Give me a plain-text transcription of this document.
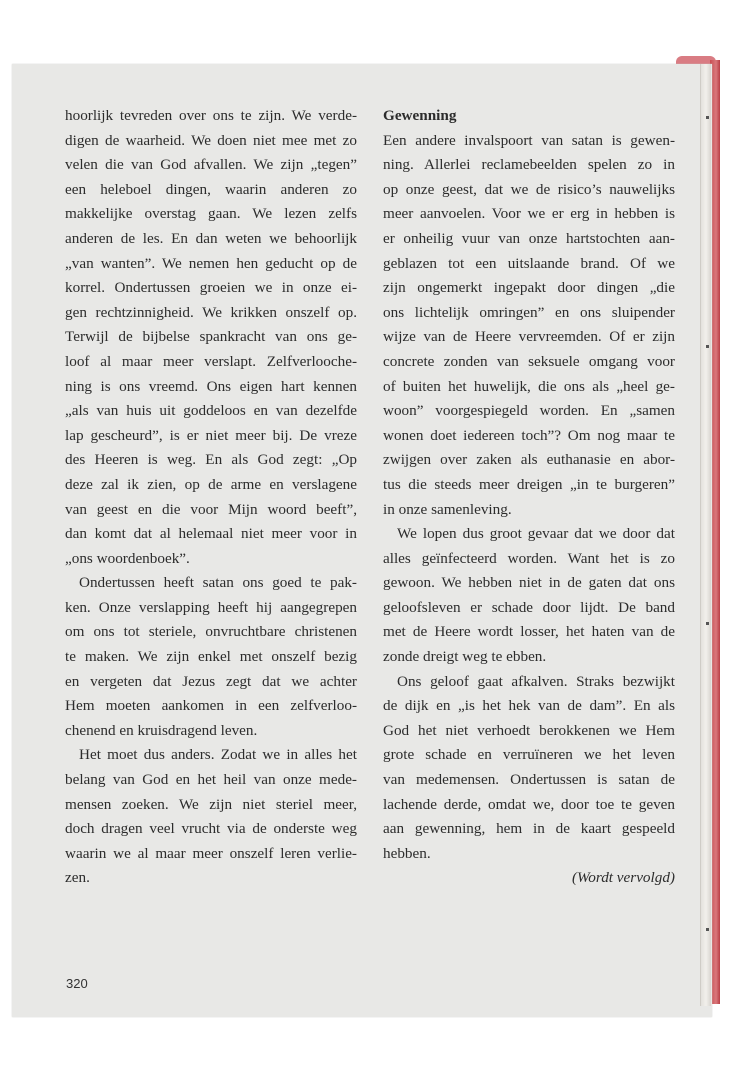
hoorlijk tevreden over ons te zijn. We verde-
digen de waarheid. We doen niet mee met zo
velen die van God afvallen. We zijn „tegen”
een heleboel dingen, waarin anderen zo
makkelijke overstag gaan. We lezen zelfs
anderen de les. En dan weten we behoorlijk
„van wanten”. We nemen hen geducht op de
korrel. Ondertussen groeien we in onze ei-
gen rechtzinnigheid. We krikken onszelf op.
Terwijl de bijbelse spankracht van ons ge-
loof al maar meer verslapt. Zelfverlooche-
ning is ons vreemd. Ons eigen hart kennen
„als van huis uit goddeloos en van dezelfde
lap gescheurd”, is er niet meer bij. De vreze
des Heeren is weg. En als God zegt: „Op
deze zal ik zien, op de arme en verslagene
van geest en die voor Mijn woord beeft”,
dan komt dat al helemaal niet meer voor in
„ons woordenboek”.
Ondertussen heeft satan ons goed te pak-
ken. Onze verslapping heeft hij aangegrepen
om ons tot steriele, onvruchtbare christenen
te maken. We zijn enkel met onszelf bezig
en vergeten dat Jezus zegt dat we achter
Hem moeten aankomen in een zelfverloo-
chenend en kruisdragend leven.
Het moet dus anders. Zodat we in alles het
belang van God en het heil van onze mede-
mensen zoeken. We zijn niet steriel meer,
doch dragen veel vrucht via de onderste weg
waarin we al maar meer onszelf leren verlie-
zen.
Gewenning
Een andere invalspoort van satan is gewen-
ning. Allerlei reclamebeelden spelen zo in
op onze geest, dat we de risico’s nauwelijks
meer aanvoelen. Voor we er erg in hebben is
er onheilig vuur van onze hartstochten aan-
geblazen tot een uitslaande brand. Of we
zijn ongemerkt ingepakt door dingen „die
ons lichtelijk omringen” en ons sluipender
wijze van de Heere vervreemden. Of er zijn
concrete zonden van seksuele omgang voor
of buiten het huwelijk, die ons als „heel ge-
woon” voorgespiegeld worden. En „samen
wonen doet iedereen toch”? Om nog maar te
zwijgen over zaken als euthanasie en abor-
tus die steeds meer dreigen „in te burgeren”
in onze samenleving.
We lopen dus groot gevaar dat we door dat
alles geïnfecteerd worden. Want het is zo
gewoon. We hebben niet in de gaten dat ons
geloofsleven er schade door lijdt. De band
met de Heere wordt losser, het haten van de
zonde dreigt weg te ebben.
Ons geloof gaat afkalven. Straks bezwijkt
de dijk en „is het hek van de dam”. En als
God het niet verhoedt berokkenen we Hem
grote schade en verruïneren we het leven
van medemensen. Ondertussen is satan de
lachende derde, omdat we, door toe te geven
aan gewenning, hem in de kaart gespeeld
hebben.
(Wordt vervolgd)
320
